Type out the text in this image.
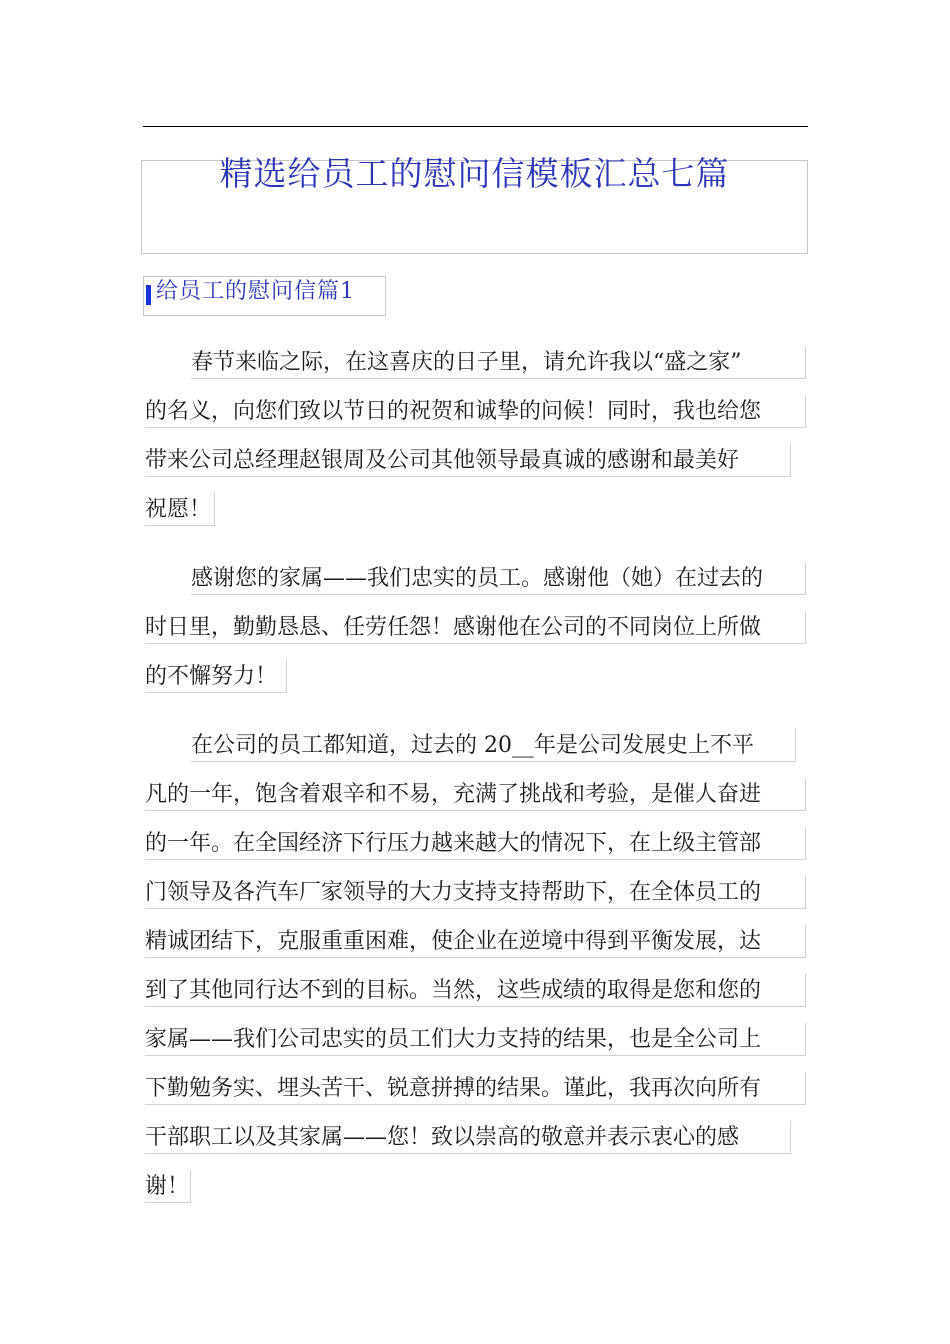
精选给员工的慰问信模板汇总七篇
给员工的慰问信篇1
春节来临之际，在这喜庆的日子里，请允许我以“盛之家”
的名义，向您们致以节日的祝贺和诚挚的问候！同时，我也给您
带来公司总经理赵银周及公司其他领导最真诚的感谢和最美好
祝愿！
感谢您的家属——我们忠实的员工。感谢他（她）在过去的
时日里，勤勤恳恳、任劳任怨！感谢他在公司的不同岗位上所做
的不懈努力！
在公司的员工都知道，过去的 20__年是公司发展史上不平
凡的一年，饱含着艰辛和不易，充满了挑战和考验，是催人奋进
的一年。在全国经济下行压力越来越大的情况下，在上级主管部
门领导及各汽车厂家领导的大力支持支持帮助下，在全体员工的
精诚团结下，克服重重困难，使企业在逆境中得到平衡发展，达
到了其他同行达不到的目标。当然，这些成绩的取得是您和您的
家属——我们公司忠实的员工们大力支持的结果，也是全公司上
下勤勉务实、埋头苦干、锐意拼搏的结果。谨此，我再次向所有
干部职工以及其家属——您！致以崇高的敬意并表示衷心的感
谢！
